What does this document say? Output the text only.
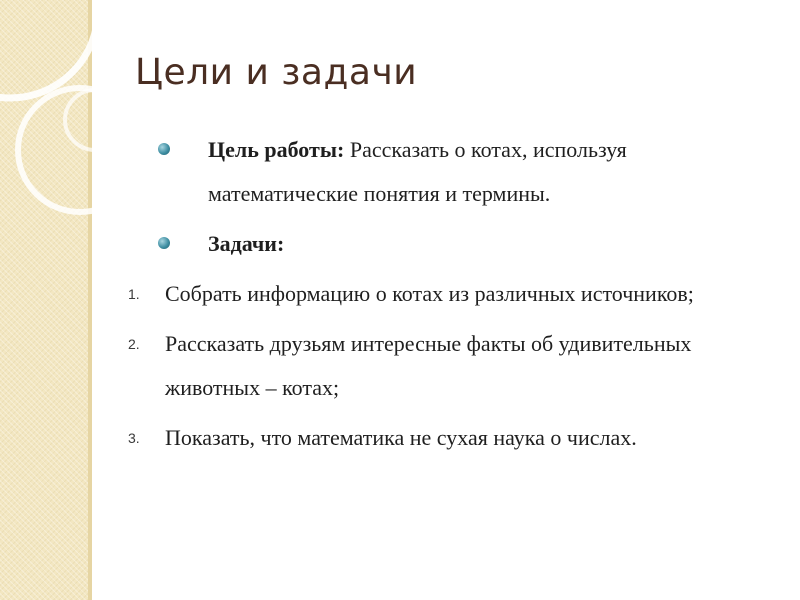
Цели и задачи
Цель работы: Рассказать о котах, используя математические понятия и термины.
Задачи:
1. Собрать информацию о котах из различных источников;
2. Рассказать друзьям интересные факты об удивительных животных – котах;
3. Показать, что математика не сухая наука о числах.
